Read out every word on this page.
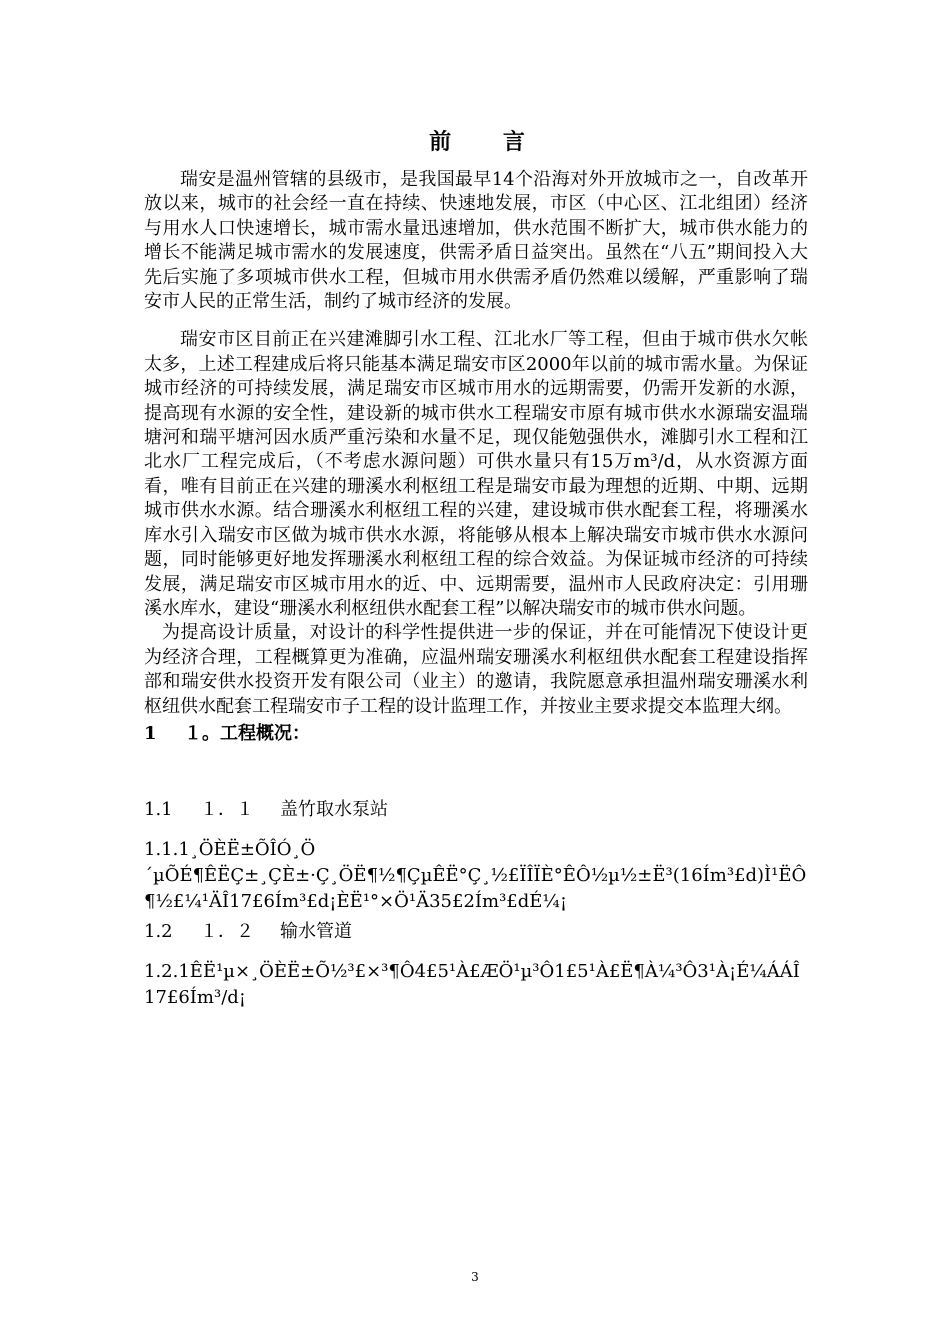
前 言

瑞安是温州管辖的县级市，是我国最早14个沿海对外开放城市之一，自改革开放以来，城市的社会经一直在持续、快速地发展，市区（中心区、江北组团）经济与用水人口快速增长，城市需水量迅速增加，供水范围不断扩大，城市供水能力的增长不能满足城市需水的发展速度，供需矛盾日益突出。虽然在“八五”期间投入大先后实施了多项城市供水工程，但城市用水供需矛盾仍然难以缓解，严重影响了瑞安市人民的正常生活，制约了城市经济的发展。

瑞安市区目前正在兴建滩脚引水工程、江北水厂等工程，但由于城市供水欠帐太多，上述工程建成后将只能基本满足瑞安市区2000年以前的城市需水量。为保证城市经济的可持续发展，满足瑞安市区城市用水的远期需要，仍需开发新的水源，提高现有水源的安全性，建设新的城市供水工程瑞安市原有城市供水水源瑞安温瑞塘河和瑞平塘河因水质严重污染和水量不足，现仅能勉强供水，滩脚引水工程和江北水厂工程完成后，（不考虑水源问题）可供水量只有15万m³/d，从水资源方面看，唯有目前正在兴建的珊溪水利枢纽工程是瑞安市最为理想的近期、中期、远期城市供水水源。结合珊溪水利枢纽工程的兴建，建设城市供水配套工程，将珊溪水库水引入瑞安市区做为城市供水水源，将能够从根本上解决瑞安市城市供水水源问题，同时能够更好地发挥珊溪水利枢纽工程的综合效益。为保证城市经济的可持续发展，满足瑞安市区城市用水的近、中、远期需要，温州市人民政府决定：引用珊溪水库水，建设“珊溪水利枢纽供水配套工程”以解决瑞安市的城市供水问题。

为提高设计质量，对设计的科学性提供进一步的保证，并在可能情况下使设计更为经济合理，工程概算更为准确，应温州瑞安珊溪水利枢纽供水配套工程建设指挥部和瑞安供水投资开发有限公司（业主）的邀请，我院愿意承担温州瑞安珊溪水利枢纽供水配套工程瑞安市子工程的设计监理工作，并按业主要求提交本监理大纲。

1	１。工程概况：
1.1	１．１	盖竹取水泵站
1.1.1¸ÖÈË±ÕÎÓ¸Ö
´µÕÉ¶ÊËÇ±¸ÇÈ±·Ç¸ÖË¶½¶ÇµÊË°Ç¸½£ÏÎÏÈ°ÊÔ½µ½±Ë³(16Ím³£d)Ì¹ËÔ¶½£¼¹ÄÎ17£6Ím³£d¡ÈË¹°×Ö¹Ä35£2Ím³£dÉ¼¡
1.2	１．２	输水管道
1.2.1ÊË¹µ×¸ÖÈË±Õ½³£×³¶Ô4£5¹À£ÆÖ¹µ³Ô1£5¹À£Ë¶À¼³Ô3¹À¡É¼ÁÁÎ17£6Ím³/d¡
3
